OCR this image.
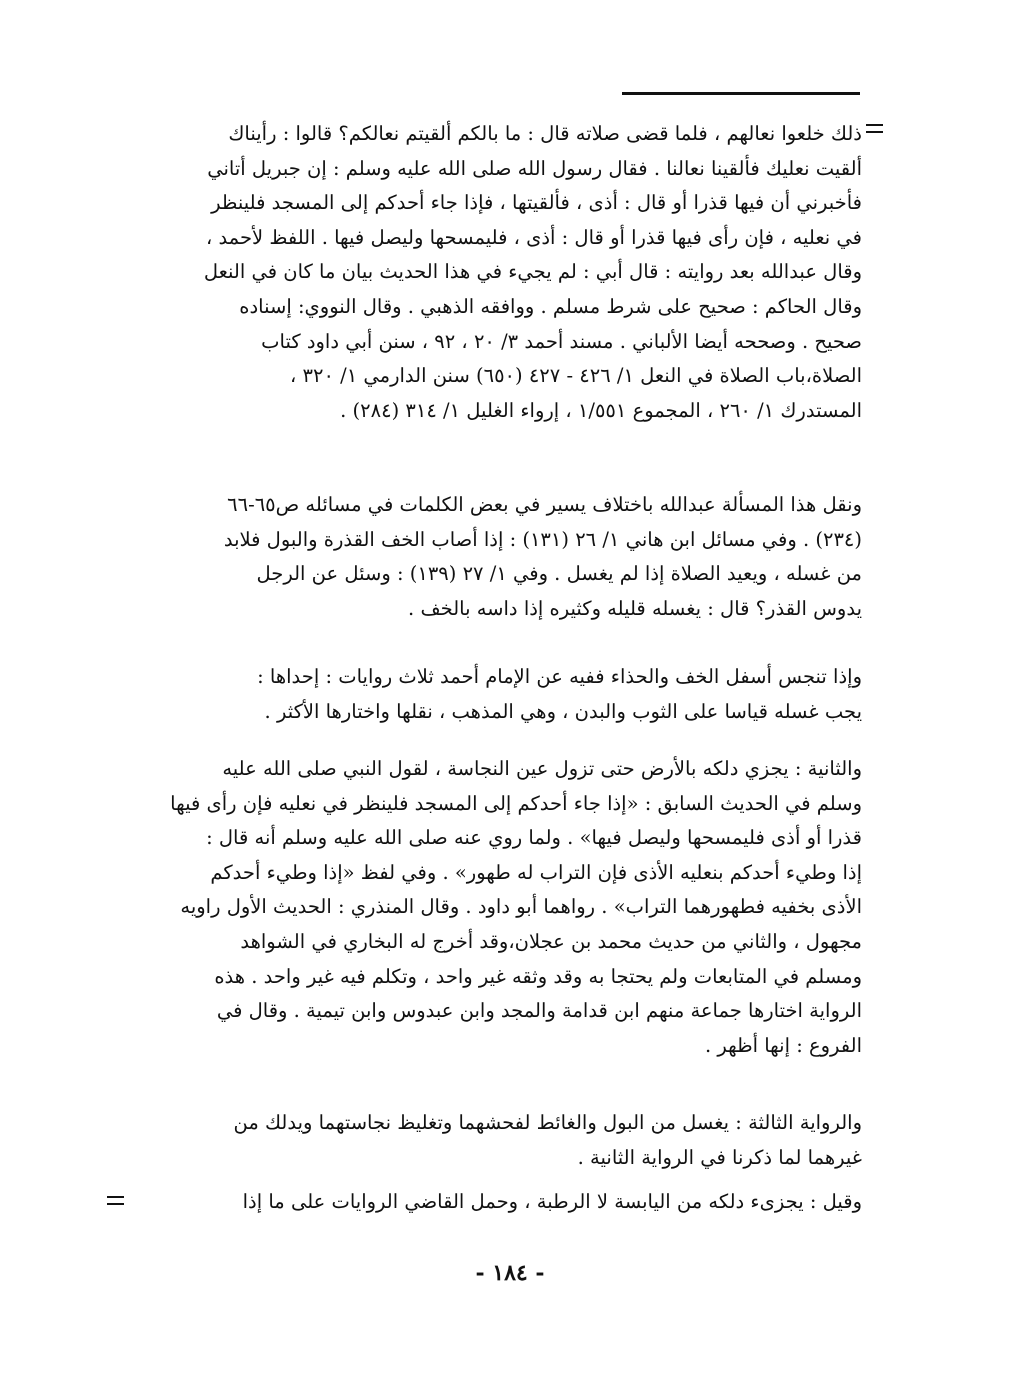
ذلك خلعوا نعالهم ، فلما قضى صلاته قال : ما بالكم ألقيتم نعالكم؟ قالوا : رأيناك
ألقيت نعليك فألقينا نعالنا . فقال رسول الله صلى الله عليه وسلم : إن جبريل أتاني
فأخبرني أن فيها قذرا أو قال : أذى ، فألقيتها ، فإذا جاء أحدكم إلى المسجد فلينظر
في نعليه ، فإن رأى فيها قذرا أو قال : أذى ، فليمسحها وليصل فيها . اللفظ لأحمد ،
وقال عبدالله بعد روايته : قال أبي : لم يجيء في هذا الحديث بيان ما كان في النعل
وقال الحاكم : صحيح على شرط مسلم . ووافقه الذهبي . وقال النووي: إسناده
صحيح . وصححه أيضا الألباني . مسند أحمد ٣/ ٢٠ ، ٩٢ ، سنن أبي داود كتاب
الصلاة،باب الصلاة في النعل ١/ ٤٢٦ - ٤٢٧ (٦٥٠) سنن الدارمي ١/ ٣٢٠ ،
المستدرك ١/ ٢٦٠ ، المجموع ١/٥٥١ ، إرواء الغليل ١/ ٣١٤ (٢٨٤) .
ونقل هذا المسألة عبدالله باختلاف يسير في بعض الكلمات في مسائله ص٦٥-٦٦
(٢٣٤) . وفي مسائل ابن هاني ١/ ٢٦ (١٣١) : إذا أصاب الخف القذرة والبول فلابد
من غسله ، ويعيد الصلاة إذا لم يغسل . وفي ١/ ٢٧ (١٣٩) : وسئل عن الرجل
يدوس القذر؟ قال : يغسله قليله وكثيره إذا داسه بالخف .
وإذا تنجس أسفل الخف والحذاء ففيه عن الإمام أحمد ثلاث روايات : إحداها :
يجب غسله قياسا على الثوب والبدن ، وهي المذهب ، نقلها واختارها الأكثر .
والثانية : يجزي دلكه بالأرض حتى تزول عين النجاسة ، لقول النبي صلى الله عليه
وسلم في الحديث السابق : «إذا جاء أحدكم إلى المسجد فلينظر في نعليه فإن رأى فيها
قذرا أو أذى فليمسحها وليصل فيها» . ولما روي عنه صلى الله عليه وسلم أنه قال :
إذا وطيء أحدكم بنعليه الأذى فإن التراب له طهور» . وفي لفظ «إذا وطيء أحدكم
الأذى بخفيه فطهورهما التراب» . رواهما أبو داود . وقال المنذري : الحديث الأول راويه
مجهول ، والثاني من حديث محمد بن عجلان،وقد أخرج له البخاري في الشواهد
ومسلم في المتابعات ولم يحتجا به وقد وثقه غير واحد ، وتكلم فيه غير واحد . هذه
الرواية اختارها جماعة منهم ابن قدامة والمجد وابن عبدوس وابن تيمية . وقال في
الفروع : إنها أظهر .
والرواية الثالثة : يغسل من البول والغائط لفحشهما وتغليظ نجاستهما ويدلك من
غيرهما لما ذكرنا في الرواية الثانية .
وقيل : يجزىء دلكه من اليابسة لا الرطبة ، وحمل القاضي الروايات على ما إذا
- ١٨٤ -
